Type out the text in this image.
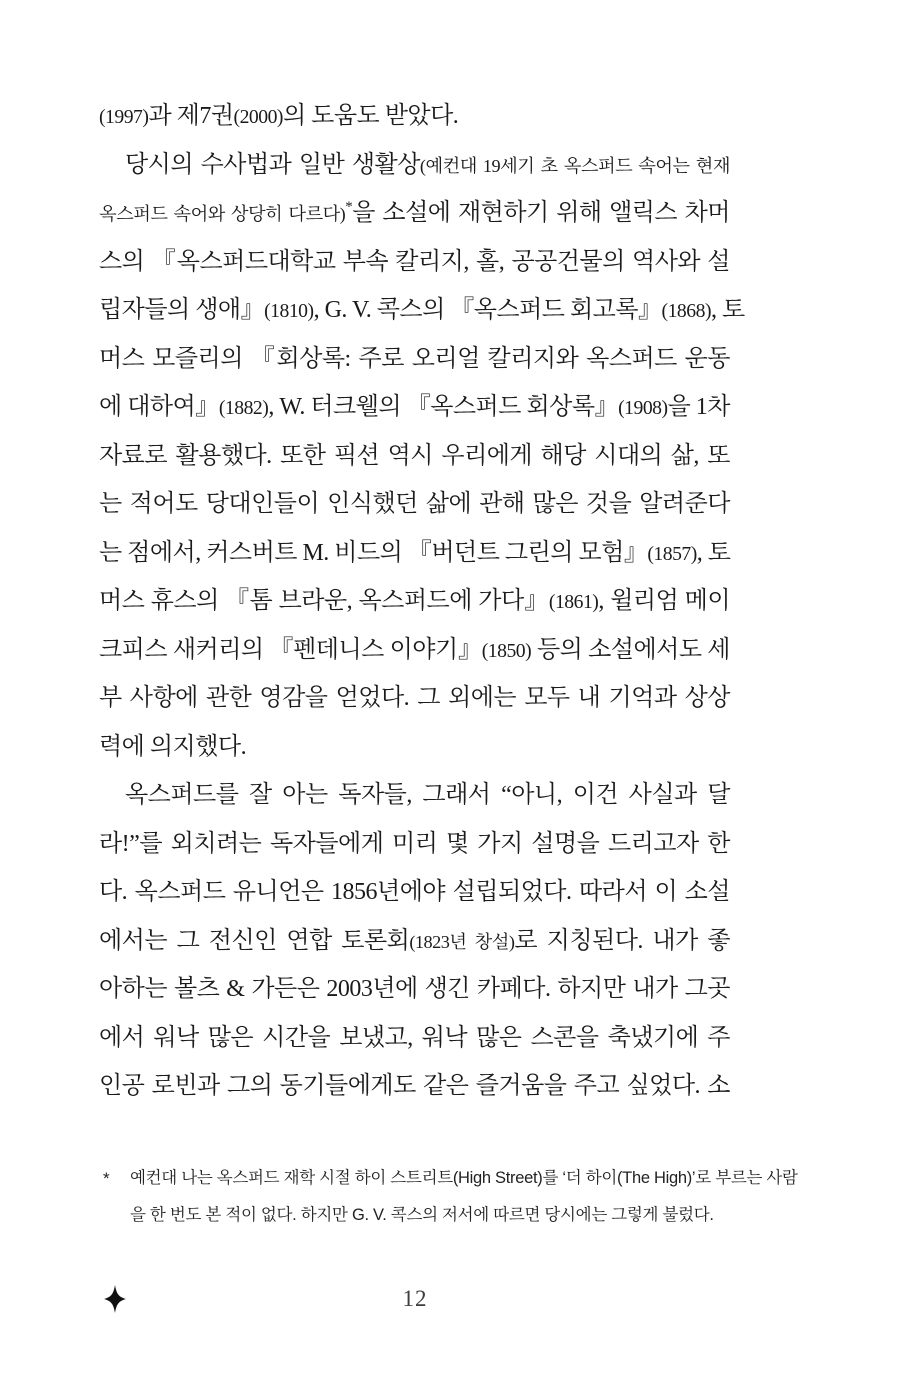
(1997)과 제7권(2000)의 도움도 받았다.
당시의 수사법과 일반 생활상(예컨대 19세기 초 옥스퍼드 속어는 현재
옥스퍼드 속어와 상당히 다르다)*을 소설에 재현하기 위해 앨릭스 차머
스의 『옥스퍼드대학교 부속 칼리지, 홀, 공공건물의 역사와 설
립자들의 생애』(1810), G. V. 콕스의 『옥스퍼드 회고록』(1868), 토
머스 모즐리의 『회상록: 주로 오리얼 칼리지와 옥스퍼드 운동
에 대하여』(1882), W. 터크웰의 『옥스퍼드 회상록』(1908)을 1차
자료로 활용했다. 또한 픽션 역시 우리에게 해당 시대의 삶, 또
는 적어도 당대인들이 인식했던 삶에 관해 많은 것을 알려준다
는 점에서, 커스버트 M. 비드의 『버던트 그린의 모험』(1857), 토
머스 휴스의 『톰 브라운, 옥스퍼드에 가다』(1861), 윌리엄 메이
크피스 새커리의 『펜데니스 이야기』(1850) 등의 소설에서도 세
부 사항에 관한 영감을 얻었다. 그 외에는 모두 내 기억과 상상
력에 의지했다.
옥스퍼드를 잘 아는 독자들, 그래서 “아니, 이건 사실과 달
라!”를 외치려는 독자들에게 미리 몇 가지 설명을 드리고자 한
다. 옥스퍼드 유니언은 1856년에야 설립되었다. 따라서 이 소설
에서는 그 전신인 연합 토론회(1823년 창설)로 지칭된다. 내가 좋
아하는 볼츠 & 가든은 2003년에 생긴 카페다. 하지만 내가 그곳
에서 워낙 많은 시간을 보냈고, 워낙 많은 스콘을 축냈기에 주
인공 로빈과 그의 동기들에게도 같은 즐거움을 주고 싶었다. 소
* 예컨대 나는 옥스퍼드 재학 시절 하이 스트리트(High Street)를 ‘더 하이(The High)’로 부르는 사람
을 한 번도 본 적이 없다. 하지만 G. V. 콕스의 저서에 따르면 당시에는 그렇게 불렀다.
12
